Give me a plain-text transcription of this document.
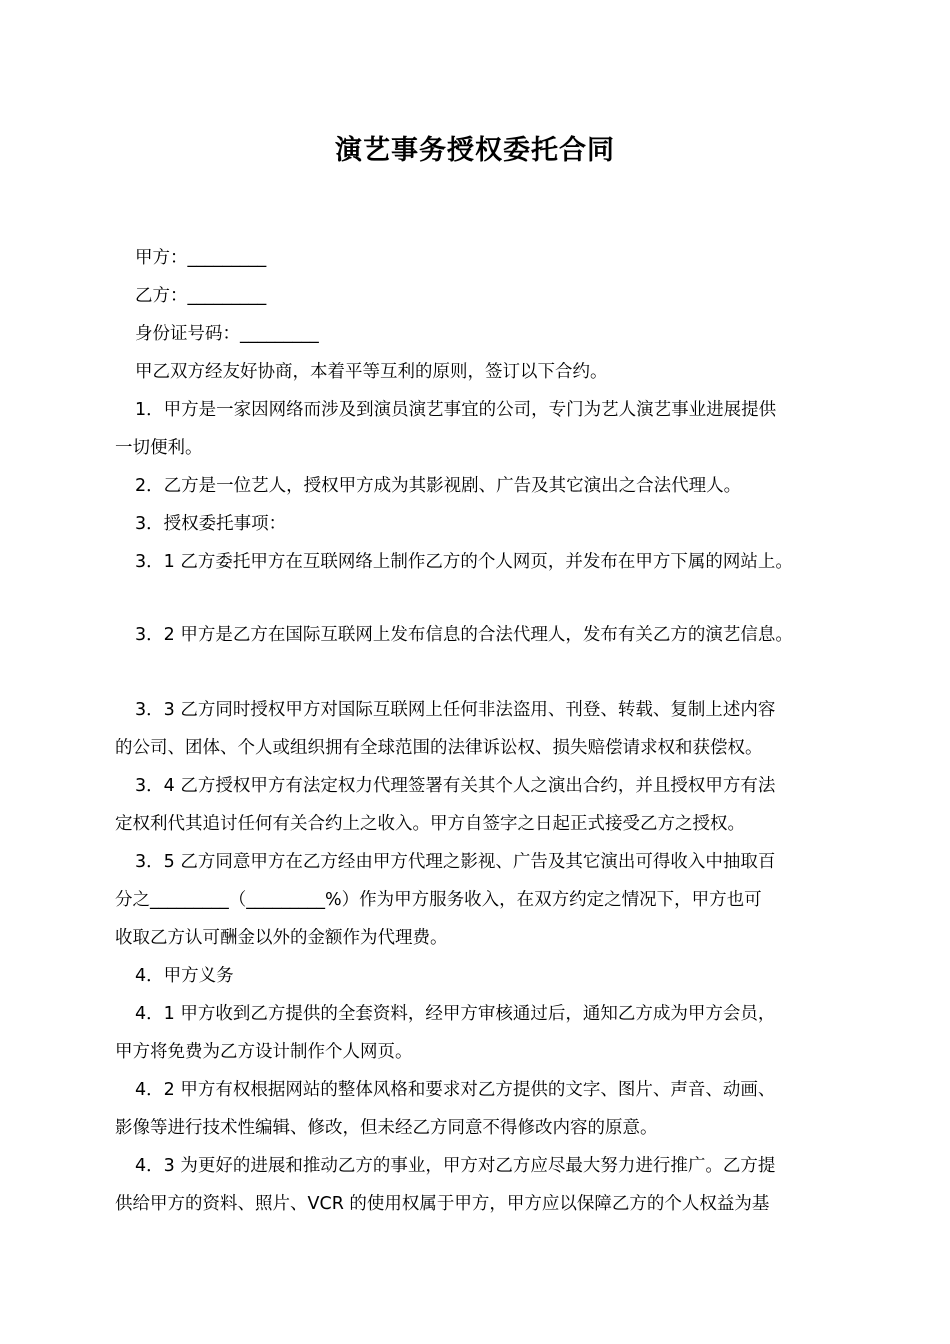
演艺事务授权委托合同
甲方：_________
乙方：_________
身份证号码：_________
甲乙双方经友好协商，本着平等互利的原则，签订以下合约。
1．甲方是一家因网络而涉及到演员演艺事宜的公司，专门为艺人演艺事业进展提供
一切便利。
2．乙方是一位艺人，授权甲方成为其影视剧、广告及其它演出之合法代理人。
3．授权委托事项：
3．1 乙方委托甲方在互联网络上制作乙方的个人网页，并发布在甲方下属的网站上。
3．2 甲方是乙方在国际互联网上发布信息的合法代理人，发布有关乙方的演艺信息。
3．3 乙方同时授权甲方对国际互联网上任何非法盗用、刊登、转载、复制上述内容
的公司、团体、个人或组织拥有全球范围的法律诉讼权、损失赔偿请求权和获偿权。
3．4 乙方授权甲方有法定权力代理签署有关其个人之演出合约，并且授权甲方有法
定权利代其追讨任何有关合约上之收入。甲方自签字之日起正式接受乙方之授权。
3．5 乙方同意甲方在乙方经由甲方代理之影视、广告及其它演出可得收入中抽取百
分之_________（_________%）作为甲方服务收入，在双方约定之情况下，甲方也可
收取乙方认可酬金以外的金额作为代理费。
4．甲方义务
4．1 甲方收到乙方提供的全套资料，经甲方审核通过后，通知乙方成为甲方会员，
甲方将免费为乙方设计制作个人网页。
4．2 甲方有权根据网站的整体风格和要求对乙方提供的文字、图片、声音、动画、
影像等进行技术性编辑、修改，但未经乙方同意不得修改内容的原意。
4．3 为更好的进展和推动乙方的事业，甲方对乙方应尽最大努力进行推广。乙方提
供给甲方的资料、照片、VCR 的使用权属于甲方，甲方应以保障乙方的个人权益为基
